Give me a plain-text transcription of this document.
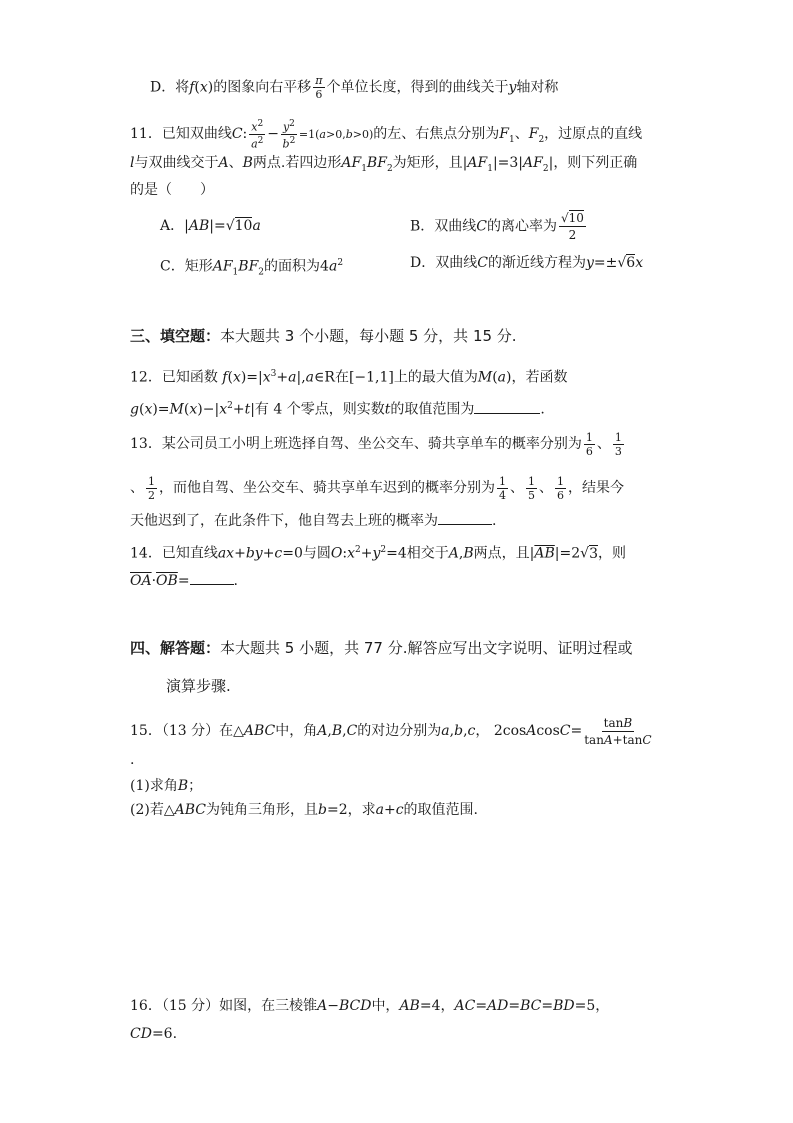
D．将f(x)的图象向右平移 $\frac{\pi}{6}$ 个单位长度，得到的曲线关于y轴对称
11．已知双曲线C: $\frac{x^2}{a^2} - \frac{y^2}{b^2} =1(a>0,b>0)$的左、右焦点分别为$F_1$、$F_2$，过原点的直线
l与双曲线交于A、B两点.若四边形$AF_1BF_2$为矩形，且$|AF_1|=3|AF_2|$，则下列正确
的是（　　）
A．|AB|=√10a	B．双曲线C的离心率为 $\frac{√10}{2}$
C．矩形$AF_1BF_2$的面积为$4a^2$	D．双曲线C的渐近线方程为y=±√6x
三、填空题：本大题共 3 个小题，每小题 5 分，共 15 分.
12．已知函数 $f(x)=|x^3+a|,a\in R$在[−1,1]上的最大值为M(a)，若函数
$g(x)=M(x)-|x^2+t|$有 4 个零点，则实数t的取值范围为	.
13．某公司员工小明上班选择自驾、坐公交车、骑共享单车的概率分别为 $\frac{1}{6}$ 、 $\frac{1}{3}$
、 $\frac{1}{2}$ ，而他自驾、坐公交车、骑共享单车迟到的概率分别为 $\frac{1}{4}$ 、 $\frac{1}{5}$ 、 $\frac{1}{6}$ ，结果今
天他迟到了，在此条件下，他自驾去上班的概率为	.
14．已知直线ax+by+c=0与圆$O:x^2+y^2=4$相交于A,B两点，且$|\overline{AB}|=2√3$，则
$\overline{OA}\cdot\overline{OB}=$	.
四、解答题：本大题共 5 小题，共 77 分.解答应写出文字说明、证明过程或
演算步骤.
15．（13 分）在△ABC中，角A,B,C的对边分别为a,b,c， 2cosAcosC= $\frac{\tan B}{\tan A+\tan C}$
.
(1)求角B；
(2)若△ABC为钝角三角形，且b=2，求a+c的取值范围.
16．（15 分）如图，在三棱锥A−BCD中，AB=4，AC=AD=BC=BD=5，
CD=6.
